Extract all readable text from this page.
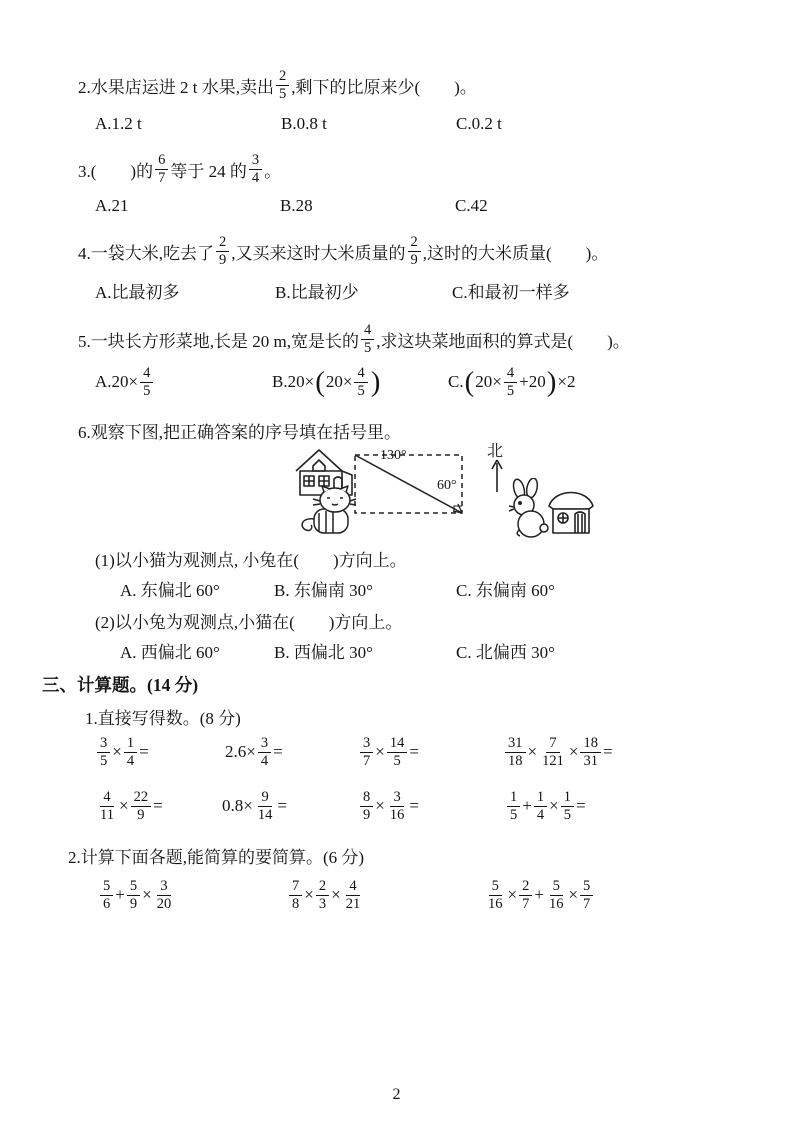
2.水果店运进 2 t 水果,卖出 $\frac{2}{5}$ ,剩下的比原来少(　　)。
A.1.2 t	B.0.8 t	C.0.2 t
3.(　　)的 $\frac{6}{7}$ 等于 24 的 $\frac{3}{4}$ 。
A.21	B.28	C.42
4.一袋大米,吃去了 $\frac{2}{9}$ ,又买来这时大米质量的 $\frac{2}{9}$ ,这时的大米质量(　　)。
A.比最初多	B.比最初少	C.和最初一样多
5.一块长方形菜地,长是 20 m,宽是长的 $\frac{4}{5}$ ,求这块菜地面积的算式是(　　)。
$A.20\times \frac{4}{5}$	B.20× ( $20\times \frac{4}{5}$ )	C. ( $20\times \frac{4}{5} +20$ ) ×2
6.观察下图,把正确答案的序号填在括号里。
130°
60°
北
(1)以小猫为观测点, 小兔在(　　)方向上。
A. 东偏北 60°	B. 东偏南 30°	C. 东偏南 60°
(2)以小兔为观测点,小猫在(　　)方向上。
A. 西偏北 60°	B. 西偏北 30°	C. 北偏西 30°
三、计算题。(14 分)
1.直接写得数。(8 分)
$\frac{3}{5} \times \frac{1}{4}$ =	$2.6\times \frac{3}{4}$ =	$\frac{3}{7} \times \frac{14}{5}$ =	$\frac{31}{18} \times \frac{7}{121} \times \frac{18}{31}$ =
$\frac{4}{11} \times \frac{22}{9}$ =	$0.8\times \frac{9}{14}$ =	$\frac{8}{9} \times \frac{3}{16}$ =	$\frac{1}{5} + \frac{1}{4} \times \frac{1}{5}$ =
2.计算下面各题,能简算的要简算。(6 分)
$\frac{5}{6} + \frac{5}{9} \times \frac{3}{20}$	$\frac{7}{8} \times \frac{2}{3} \times \frac{4}{21}$	$\frac{5}{16} \times \frac{2}{7} + \frac{5}{16} \times \frac{5}{7}$
2
